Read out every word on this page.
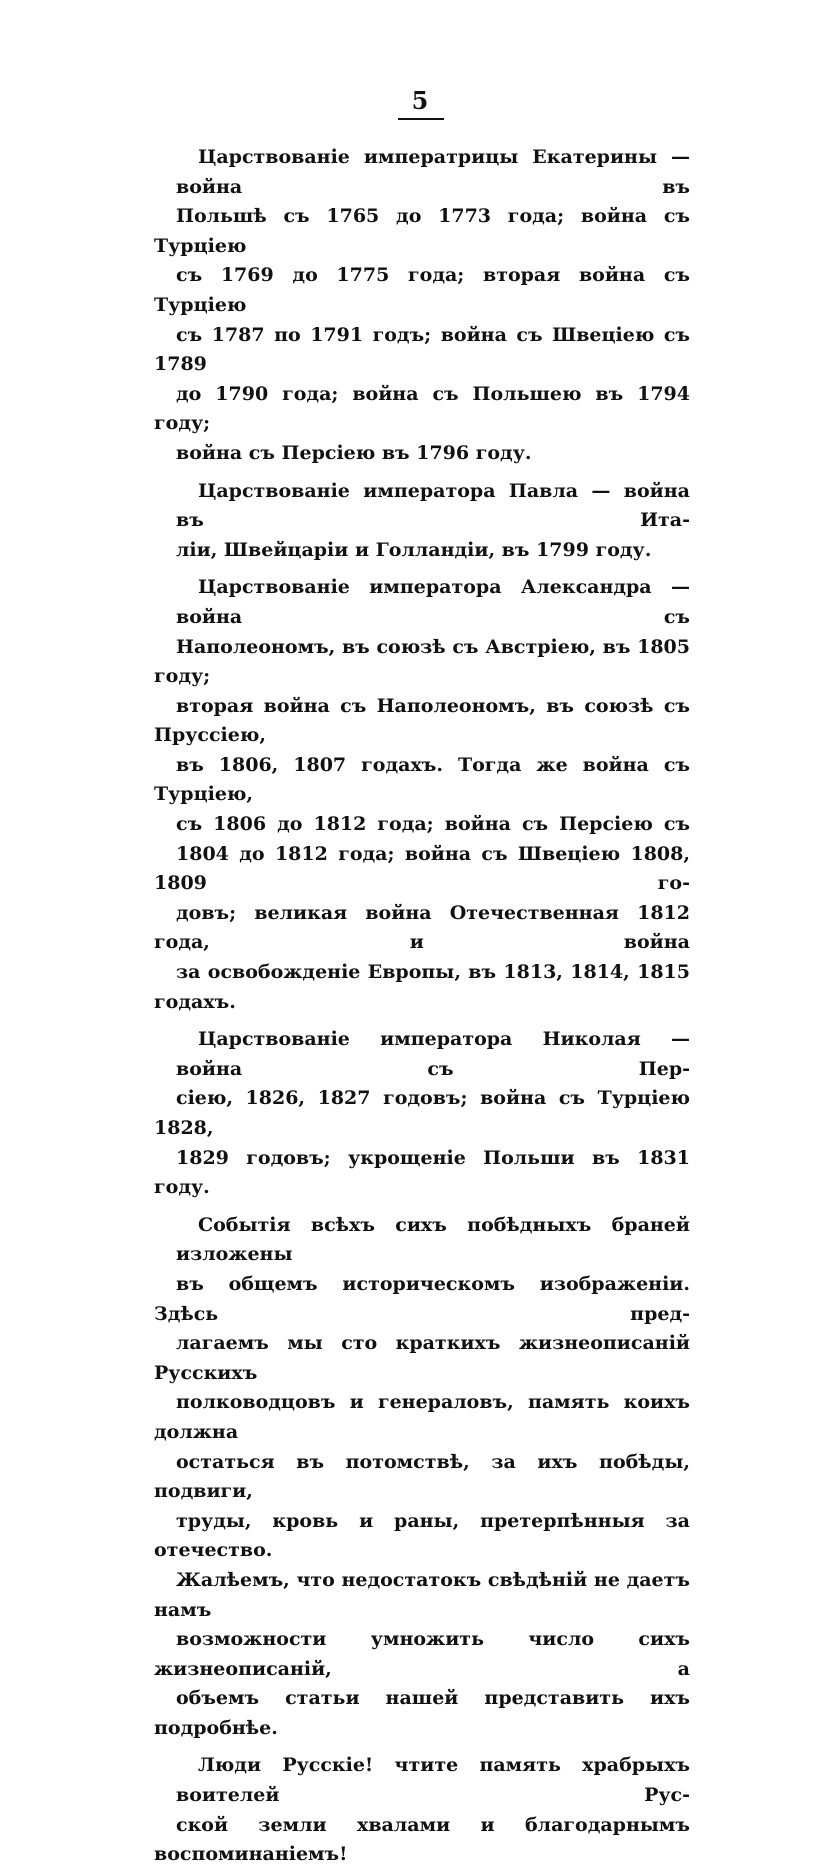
5

Царствованіе императрицы Екатерины — война въ
Польшѣ съ 1765 до 1773 года; война съ Турціею
съ 1769 до 1775 года; вторая война съ Турціею
съ 1787 по 1791 годъ; война съ Швеціею съ 1789
до 1790 года; война съ Польшею въ 1794 году;
война съ Персіею въ 1796 году.

Царствованіе императора Павла — война въ Ита-
ліи, Швейцаріи и Голландіи, въ 1799 году.

Царствованіе императора Александра — война съ
Наполеономъ, въ союзѣ съ Австріею, въ 1805 году;
вторая война съ Наполеономъ, въ союзѣ съ Пруссіею,
въ 1806, 1807 годахъ. Тогда же война съ Турціею,
съ 1806 до 1812 года; война съ Персіею съ
1804 до 1812 года; война съ Швеціею 1808, 1809 го-
довъ; великая война Отечественная 1812 года, и война
за освобожденіе Европы, въ 1813, 1814, 1815 годахъ.

Царствованіе императора Николая — война съ Пер-
сіею, 1826, 1827 годовъ; война съ Турціею 1828,
1829 годовъ; укрощеніе Польши въ 1831 году.

Событія всѣхъ сихъ побѣдныхъ браней изложены
въ общемъ историческомъ изображеніи. Здѣсь пред-
лагаемъ мы сто краткихъ жизнеописаній Русскихъ
полководцовъ и генераловъ, память коихъ должна
остаться въ потомствѣ, за ихъ побѣды, подвиги,
труды, кровь и раны, претерпѣнныя за отечество.
Жалѣемъ, что недостатокъ свѣдѣній не даетъ намъ
возможности умножить число сихъ жизнеописаній, а
объемъ статьи нашей представить ихъ подробнѣе.

Люди Русскіе! чтите память храбрыхъ воителей Рус-
ской земли хвалами и благодарнымъ воспоминаніемъ!
